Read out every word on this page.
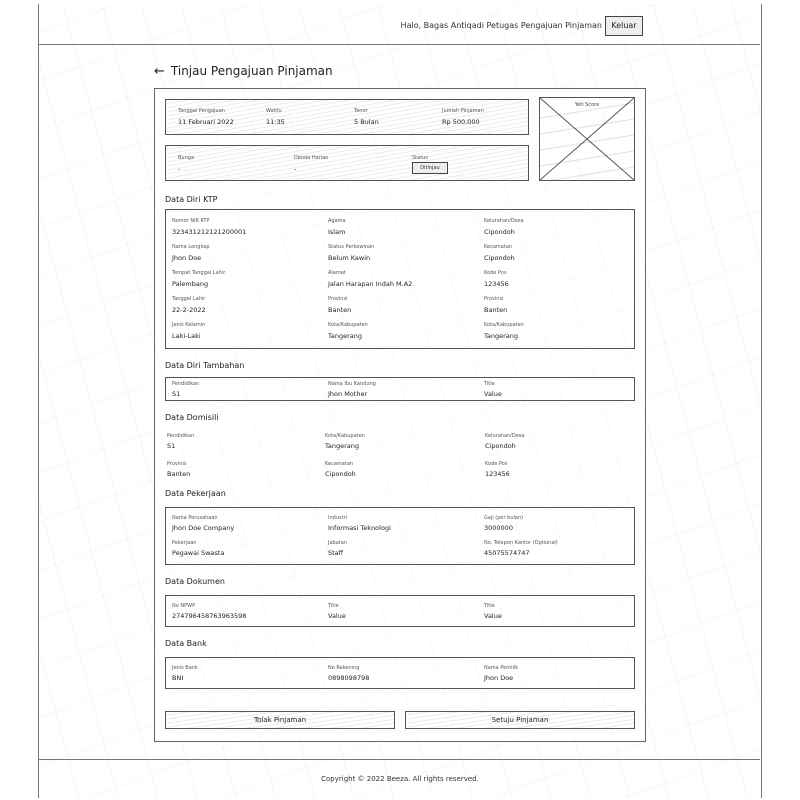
Halo, Bagas Antiqadi Petugas Pengajuan Pinjaman	Keluar
← Tinjau Pengajuan Pinjaman
Tanggal Pengajuan
11 Februari 2022
Waktu
11:35
Tenor
5 Bulan
Jumlah Pinjaman
Rp 500.000
Bunga
-
Denda Harian
-
Status
Ditinjau
Yeti Score
Data Diri KTP
Nomor NIK KTP
323431212121200001
Agama
Islam
Kelurahan/Desa
Cipondoh
Nama Lengkap
Jhon Doe
Status Perkawinan
Belum Kawin
Kecamatan
Cipondoh
Tempat Tanggal Lahir
Palembang
Alamat
Jalan Harapan Indah M.A2
Kode Pos
123456
Tanggal Lahir
22-2-2022
Provinsi
Banten
Provinsi
Banten
Jenis Kelamin
Laki-Laki
Kota/Kabupaten
Tangerang
Kota/Kabupaten
Tangerang
Data Diri Tambahan
Pendidikan
S1
Nama Ibu Kandung
Jhon Mother
Title
Value
Data Domisili
Pendidikan
S1
Kota/Kabupaten
Tangerang
Kelurahan/Desa
Cipondoh
Provinsi
Banten
Kecamatan
Cipondoh
Kode Pos
123456
Data Pekerjaan
Nama Perusahaan
Jhon Doe Company
Industri
Informasi Teknologi
Gaji (per bulan)
3000000
Pekerjaan
Pegawai Swasta
Jabatan
Staff
No. Telepon Kantor (Optional)
45075574747
Data Dokumen
No NPWP
274796458763963598
Title
Value
Title
Value
Data Bank
Jenis Bank
BNI
No Rekening
0898098798
Nama Pemilik
Jhon Doe
Tolak Pinjaman	Setuju Pinjaman
Copyright © 2022 Beeza. All rights reserved.
